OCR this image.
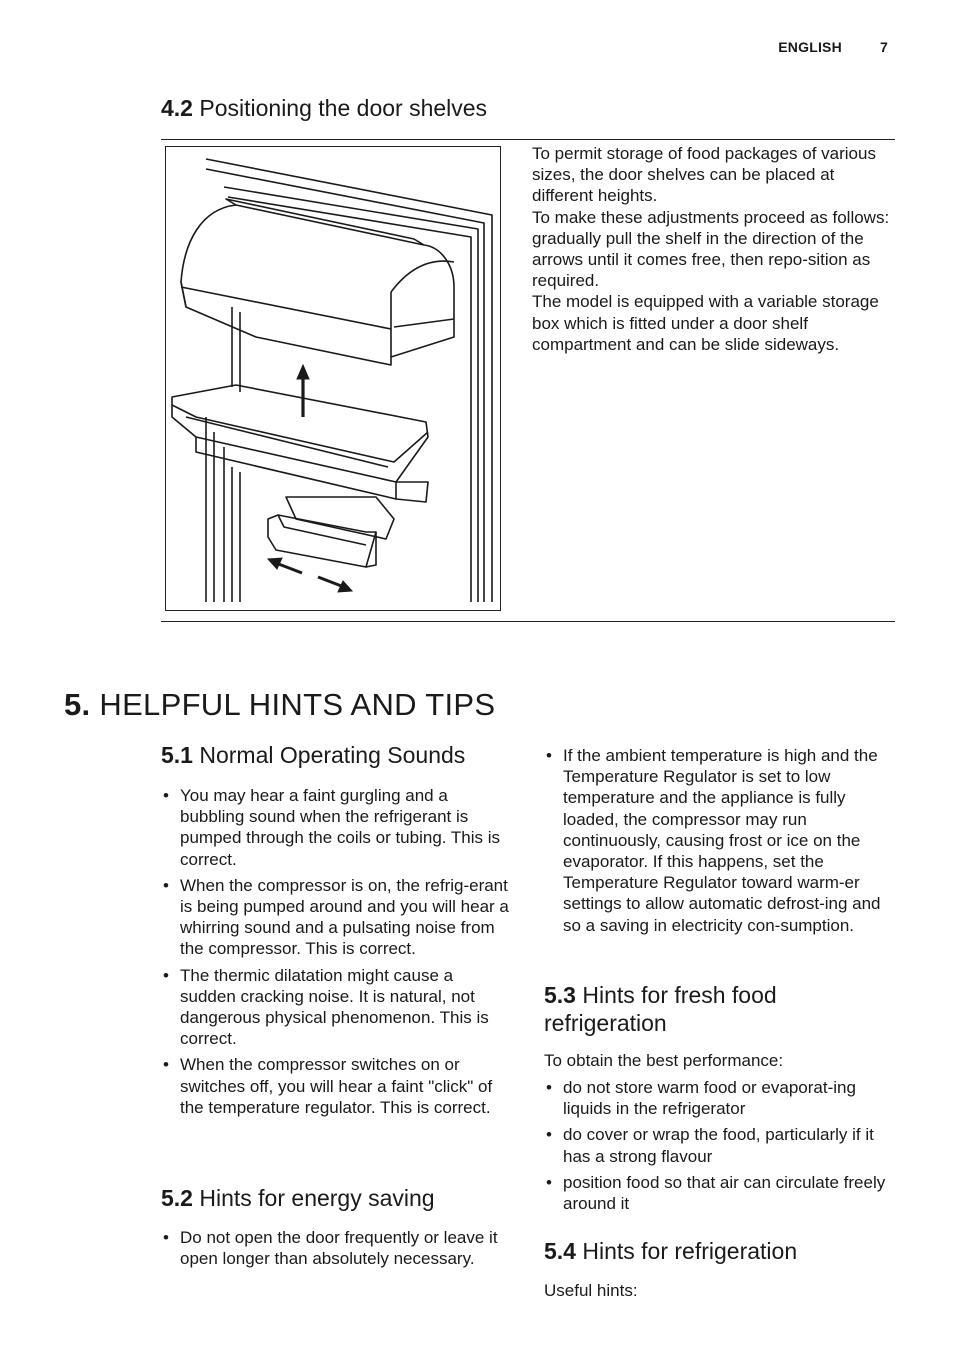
ENGLISH	7
4.2 Positioning the door shelves

To permit storage of food packages of various sizes, the door shelves can be placed at different heights.

To make these adjustments proceed as follows:

gradually pull the shelf in the direction of the arrows until it comes free, then repo-sition as required.

The model is equipped with a variable storage box which is fitted under a door shelf compartment and can be slide sideways.

5. HELPFUL HINTS AND TIPS
5.1 Normal Operating Sounds
• You may hear a faint gurgling and a bubbling sound when the refrigerant is pumped through the coils or tubing. This is correct.
• When the compressor is on, the refrig-erant is being pumped around and you will hear a whirring sound and a pulsating noise from the compressor. This is correct.
• The thermic dilatation might cause a sudden cracking noise. It is natural, not dangerous physical phenomenon. This is correct.
• When the compressor switches on or switches off, you will hear a faint "click" of the temperature regulator. This is correct.
5.2 Hints for energy saving
• Do not open the door frequently or leave it open longer than absolutely necessary.
• If the ambient temperature is high and the Temperature Regulator is set to low temperature and the appliance is fully loaded, the compressor may run continuously, causing frost or ice on the evaporator. If this happens, set the Temperature Regulator toward warm-er settings to allow automatic defrost-ing and so a saving in electricity con-sumption.
5.3 Hints for fresh food
refrigeration
To obtain the best performance:
• do not store warm food or evaporat-ing liquids in the refrigerator
• do cover or wrap the food, particularly if it has a strong flavour
• position food so that air can circulate freely around it
5.4 Hints for refrigeration
Useful hints:
